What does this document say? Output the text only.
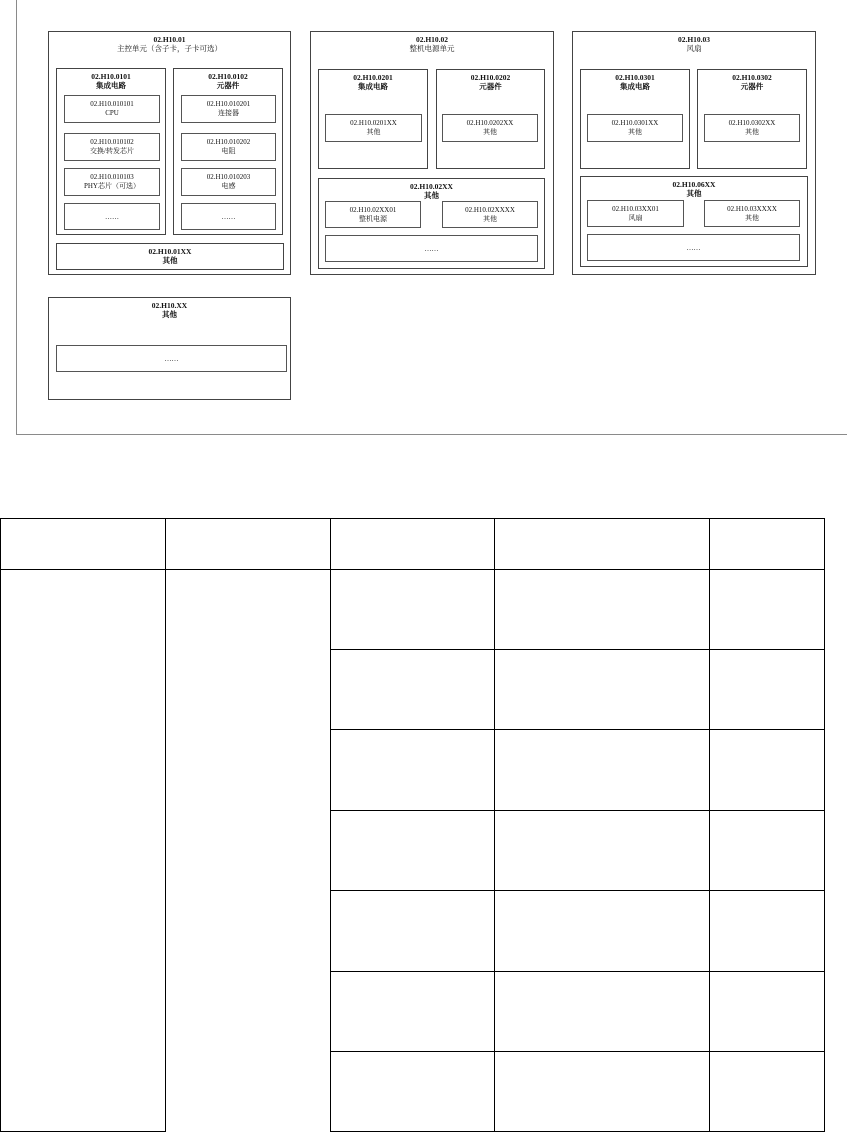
02.H10.01
主控单元（含子卡，子卡可选）
02.H10.0101
集成电路
02.H10.010101
CPU
02.H10.010102
交换/转发芯片
02.H10.010103
PHY芯片（可选）
……
02.H10.0102
元器件
02.H10.010201
连接器
02.H10.010202
电阻
02.H10.010203
电感
……
02.H10.01XX
其他
02.H10.02
整机电源单元
02.H10.0201
集成电路
02.H10.0201XX
其他
02.H10.0202
元器件
02.H10.0202XX
其他
02.H10.02XX
其他
02.H10.02XX01
整机电源
02.H10.02XXXX
其他
……
02.H10.03
风扇
02.H10.0301
集成电路
02.H10.0301XX
其他
02.H10.0302
元器件
02.H10.0302XX
其他
02.H10.06XX
其他
02.H10.03XX01
风扇
02.H10.03XXXX
其他
……
02.H10.XX
其他
……
